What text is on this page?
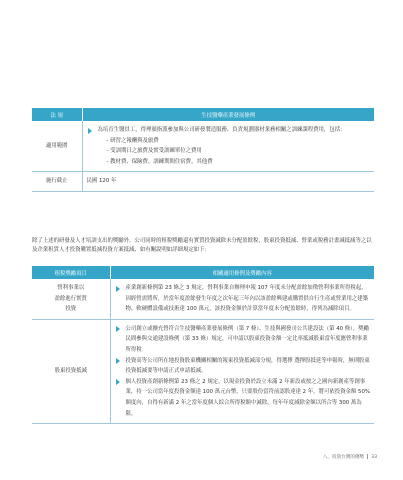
法 規	生技醫藥產業發展條例
適用範圍	為培育生醫員工，得理頒指派參加與公司研發製造服務、負責規劃器材業務相關之訓練課程費用，包括：
- 研習之報酬與及旅費
- 受訓期日之旅費及實受訓練單位之費用
- 教材費、保險費、訓練期間住宿費、其他費

施行截止	民國 120 年

除了上述的研發及人才培訓支出的獎勵外，公司同時的租稅獎勵還有實質投資減除未分配盈餘稅，股東投資抵減、營業或稅務計畫減抵減等之以及企業租賃人才投資購置抵減投資方案抵減、如有關說明如詳細規定如下：

租稅獎勵項目	相關適用條例及獎勵內容
營利事業以
盈餘進行實質
投資	產業創新條例第 23 條之 3 規定，營利事業自辦理申報 107 年度未分配盈餘加徵營利事業所得稅起，因經營需將所，於當年度盈餘發生年度之次年起三年內以該盈餘興建或購置供自行生產或營業用之建築物、軟硬體設備或技術達 100 萬元，該投資金額於計算當年度未分配盈餘時，得列為減除項目。

股東投資抵減	公司創立或擴充營符合生技醫藥產業發展條例（第 7 條）、生技與國發司公共建設法（第 40 條），獎勵民間參與交通建設條例（第 33 條）規定，可申請以股東投資金額一定比率抵減股東當年度應營利事業所得稅
投資高等公司所在地投資股東機關相關的報東投資抵減部分規，得選擇 選擇股抵延等申報時，無則股東投資抵減要等申請正式申請抵減。
個人投資產創新條例第 23 條之 2 規定，以現金投資於設立未滿 2 年新設或按之之國內新創產等創事業，持一公司當年度投資金額達 100 萬元台幣，只要股份當符前認股達達 2 年，將可依投資金額 50% 額度內，自得有新滿 2 年之當年度個人綜合所得稅額中減除，每年年度減除金額以所合等 300 萬為限。
八、投資台灣的優勢 33
